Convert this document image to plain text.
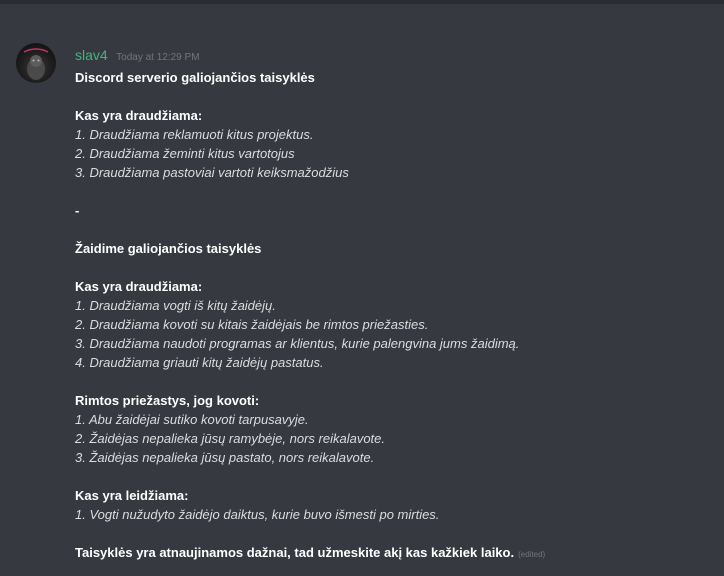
slav4 Today at 12:29 PM
Discord serverio galiojančios taisyklės
Kas yra draudžiama:
1. Draudžiama reklamuoti kitus projektus.
2. Draudžiama žeminti kitus vartotojus
3. Draudžiama pastoviai vartoti keiksmažodžius
-
Žaidime galiojančios taisyklės
Kas yra draudžiama:
1. Draudžiama vogti iš kitų žaidėjų.
2. Draudžiama kovoti su kitais žaidėjais be rimtos priežasties.
3. Draudžiama naudoti programas ar klientus, kurie palengvina jums žaidimą.
4. Draudžiama griauti kitų žaidėjų pastatus.
Rimtos priežastys, jog kovoti:
1. Abu žaidėjai sutiko kovoti tarpusavyje.
2. Žaidėjas nepalieka jūsų ramybėje, nors reikalavote.
3. Žaidėjas nepalieka jūsų pastato, nors reikalavote.
Kas yra leidžiama:
1. Vogti nužudyto žaidėjo daiktus, kurie buvo išmesti po mirties.
Taisyklės yra atnaujinamos dažnai, tad užmeskite akį kas kažkiek laiko. (edited)
